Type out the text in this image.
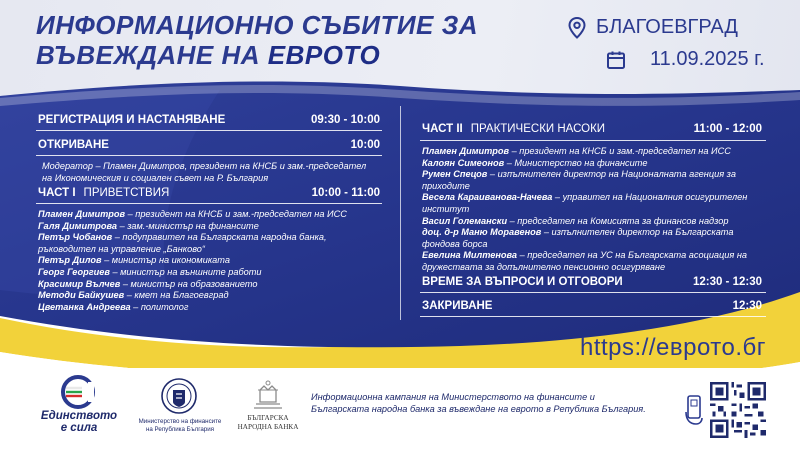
ИНФОРМАЦИОННО СЪБИТИЕ ЗА
ВЪВЕЖДАНЕ НА ЕВРОТО
БЛАГОЕВГРАД
11.09.2025 г.
РЕГИСТРАЦИЯ И НАСТАНЯВАНЕ	09:30 - 10:00
ОТКРИВАНЕ	10:00
Модератор – Пламен Димитров, президент на КНСБ и зам.-председател на Икономическия и социален съвет на Р. България
ЧАСТ I ПРИВЕТСТВИЯ	10:00 - 11:00
Пламен Димитров – президент на КНСБ и зам.-председател на ИСС
Галя Димитрова – зам.-министър на финансите
Петър Чобанов – подуправител на Българската народна банка, ръководител на управление „Банково“
Петър Дилов – министър на икономиката
Георг Георгиев – министър на външните работи
Красимир Вълчев – министър на образованието
Методи Байкушев – кмет на Благоевград
Цветанка Андреева – политолог
ЧАСТ II ПРАКТИЧЕСКИ НАСОКИ	11:00 - 12:00
Пламен Димитров – президент на КНСБ и зам.-председател на ИСС
Калоян Симеонов – Министерство на финансите
Румен Спецов – изпълнителен директор на Националната агенция за приходите
Весела Караиванова-Начева – управител на Националния осигурителен институт
Васил Големански – председател на Комисията за финансов надзор
доц. д-р Маню Моравенов – изпълнителен директор на Българската фондова борса
Евелина Милтенова – председател на УС на Българската асоциация на дружествата за допълнително пенсионно осигуряване
ВРЕМЕ ЗА ВЪПРОСИ И ОТГОВОРИ	12:30 - 12:30
ЗАКРИВАНЕ	12:30
https://еврото.бг
Единството
е сила
Министерство на финансите
на Република България
БЪЛГАРСКА
НАРОДНА БАНКА
Информационна кампания на Министерството на финансите и
Българската народна банка за въвеждане на еврото в Република България.
